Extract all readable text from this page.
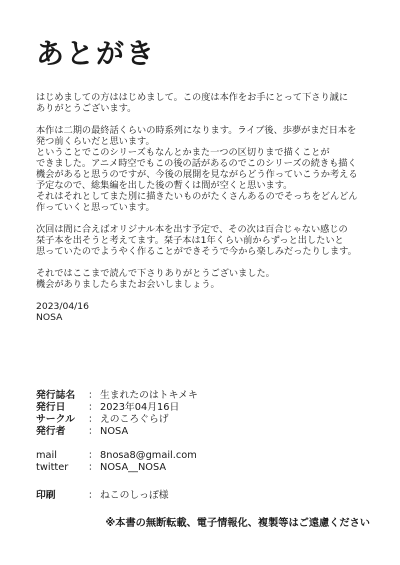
あとがき
はじめましての方ははじめまして。この度は本作をお手にとって下さり誠に
ありがとうございます。
本作は二期の最終話くらいの時系列になります。ライブ後、歩夢がまだ日本を
発つ前くらいだと思います。
ということでこのシリーズもなんとかまた一つの区切りまで描くことが
できました。アニメ時空でもこの後の話があるのでこのシリーズの続きも描く
機会があると思うのですが、今後の展開を見ながらどう作っていこうか考える
予定なので、総集編を出した後の暫くは間が空くと思います。
それはそれとしてまた別に描きたいものがたくさんあるのでそっちをどんどん
作っていくと思っています。
次回は間に合えばオリジナル本を出す予定で、その次は百合じゃない感じの
栞子本を出そうと考えてます。栞子本は1年くらい前からずっと出したいと
思っていたのでようやく作ることができそうで今から楽しみだったりします。
それではここまで読んで下さりありがとうございました。
機会がありましたらまたお会いしましょう。
2023/04/16
NOSA
発行誌名	： 生まれたのはトキメキ
発行日	： 2023年04月16日
サークル	： えのころぐらげ
発行者	： NOSA
mail	： 8nosa8@gmail.com
twitter	： NOSA__NOSA
印刷	： ねこのしっぽ様
※本書の無断転載、電子情報化、複製等はご遠慮ください
